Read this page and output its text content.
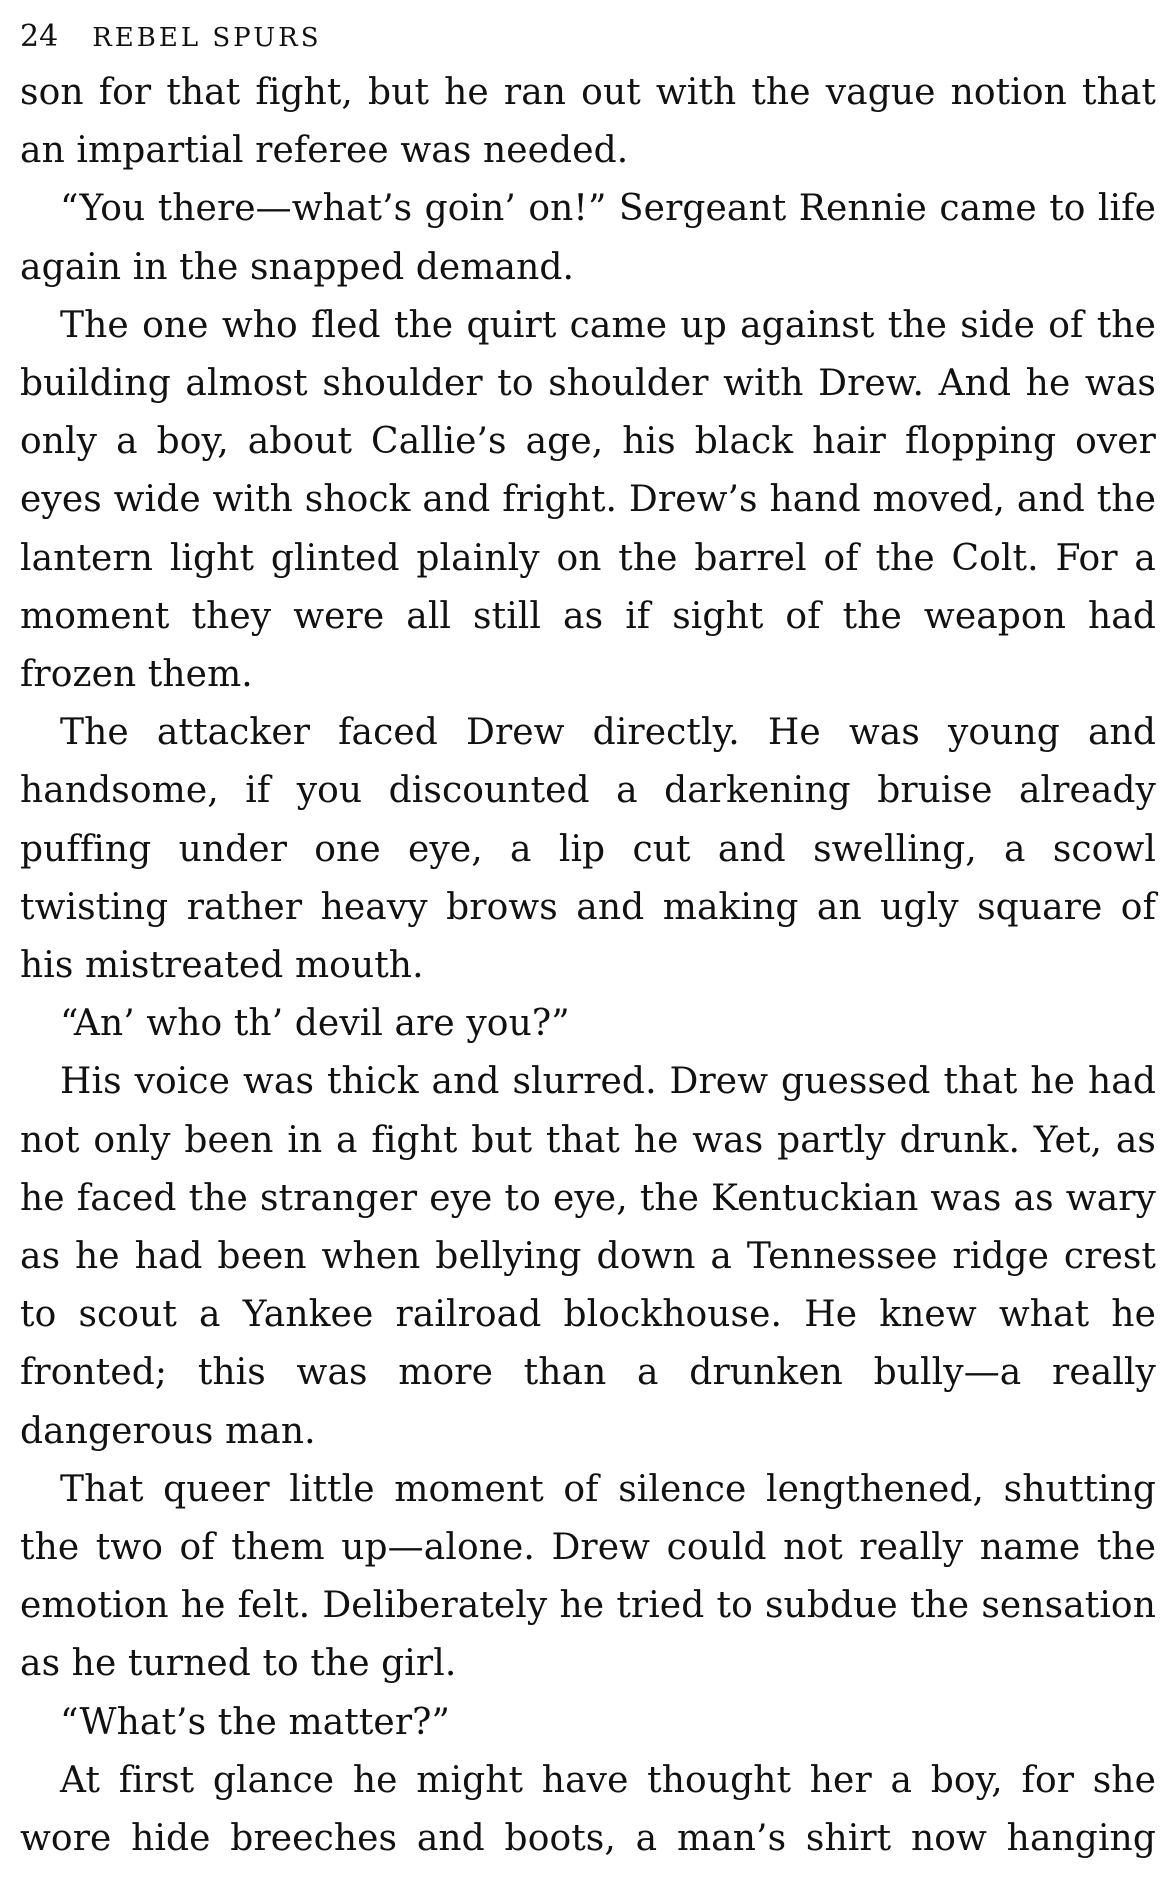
24 REBEL SPURS

son for that fight, but he ran out with the vague notion that an impartial referee was needed.

“You there—what’s goin’ on!” Sergeant Rennie came to life again in the snapped demand.

The one who fled the quirt came up against the side of the building almost shoulder to shoulder with Drew. And he was only a boy, about Callie’s age, his black hair flopping over eyes wide with shock and fright. Drew’s hand moved, and the lantern light glinted plainly on the barrel of the Colt. For a moment they were all still as if sight of the weapon had frozen them.

The attacker faced Drew directly. He was young and handsome, if you discounted a darkening bruise already puffing under one eye, a lip cut and swelling, a scowl twisting rather heavy brows and making an ugly square of his mistreated mouth.

“An’ who th’ devil are you?”

His voice was thick and slurred. Drew guessed that he had not only been in a fight but that he was partly drunk. Yet, as he faced the stranger eye to eye, the Kentuckian was as wary as he had been when bellying down a Tennessee ridge crest to scout a Yankee railroad blockhouse. He knew what he fronted; this was more than a drunken bully—a really dangerous man.

That queer little moment of silence lengthened, shutting the two of them up—alone. Drew could not really name the emotion he felt. Deliberately he tried to subdue the sensation as he turned to the girl.

“What’s the matter?”

At first glance he might have thought her a boy, for she wore hide breeches and boots, a man’s shirt now hanging
